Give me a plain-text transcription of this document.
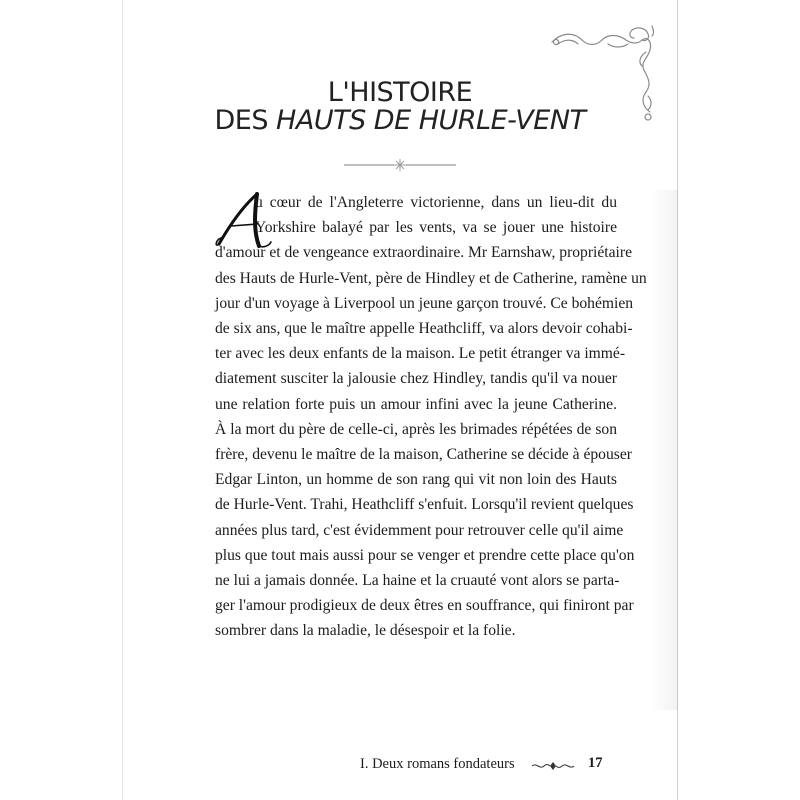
L'HISTOIRE
DES HAUTS DE HURLE-VENT
u cœur de l'Angleterre victorienne, dans un lieu-dit du
Yorkshire balayé par les vents, va se jouer une histoire
d'amour et de vengeance extraordinaire. Mr Earnshaw, propriétaire
des Hauts de Hurle-Vent, père de Hindley et de Catherine, ramène un
jour d'un voyage à Liverpool un jeune garçon trouvé. Ce bohémien
de six ans, que le maître appelle Heathcliff, va alors devoir cohabi-
ter avec les deux enfants de la maison. Le petit étranger va immé-
diatement susciter la jalousie chez Hindley, tandis qu'il va nouer
une relation forte puis un amour infini avec la jeune Catherine.
À la mort du père de celle-ci, après les brimades répétées de son
frère, devenu le maître de la maison, Catherine se décide à épouser
Edgar Linton, un homme de son rang qui vit non loin des Hauts
de Hurle-Vent. Trahi, Heathcliff s'enfuit. Lorsqu'il revient quelques
années plus tard, c'est évidemment pour retrouver celle qu'il aime
plus que tout mais aussi pour se venger et prendre cette place qu'on
ne lui a jamais donnée. La haine et la cruauté vont alors se parta-
ger l'amour prodigieux de deux êtres en souffrance, qui finiront par
sombrer dans la maladie, le désespoir et la folie.
I. Deux romans fondateurs	17
